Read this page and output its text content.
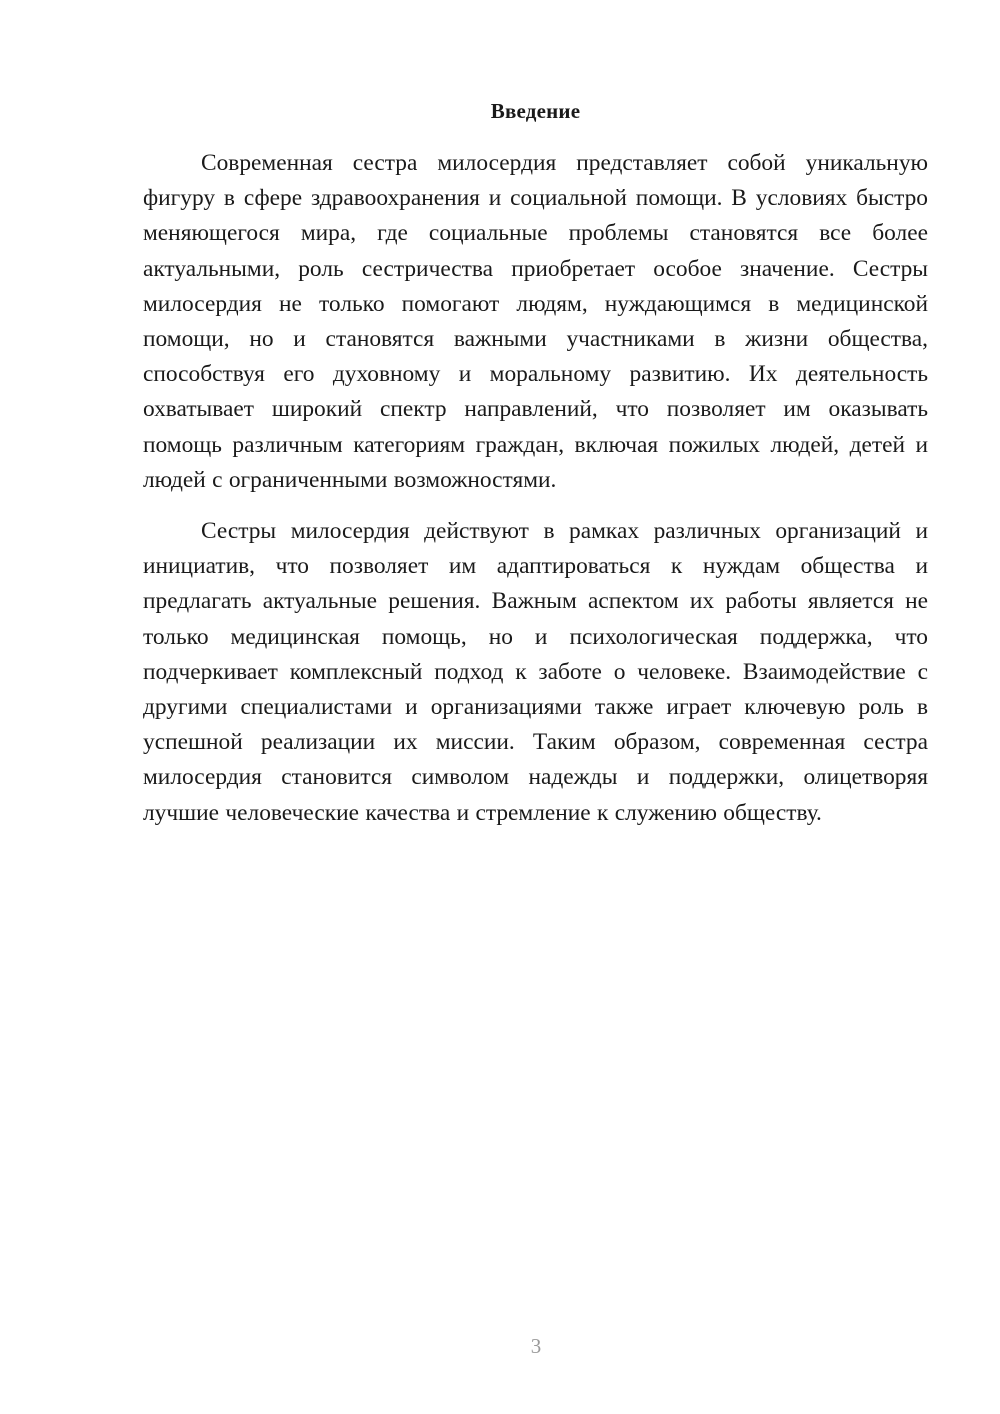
Введение

Современная сестра милосердия представляет собой уникальную фигуру в сфере здравоохранения и социальной помощи. В условиях быстро меняющегося мира, где социальные проблемы становятся все более актуальными, роль сестричества приобретает особое значение. Сестры милосердия не только помогают людям, нуждающимся в медицинской помощи, но и становятся важными участниками в жизни общества, способствуя его духовному и моральному развитию. Их деятельность охватывает широкий спектр направлений, что позволяет им оказывать помощь различным категориям граждан, включая пожилых людей, детей и людей с ограниченными возможностями.

Сестры милосердия действуют в рамках различных организаций и инициатив, что позволяет им адаптироваться к нуждам общества и предлагать актуальные решения. Важным аспектом их работы является не только медицинская помощь, но и психологическая поддержка, что подчеркивает комплексный подход к заботе о человеке. Взаимодействие с другими специалистами и организациями также играет ключевую роль в успешной реализации их миссии. Таким образом, современная сестра милосердия становится символом надежды и поддержки, олицетворяя лучшие человеческие качества и стремление к служению обществу.

3
